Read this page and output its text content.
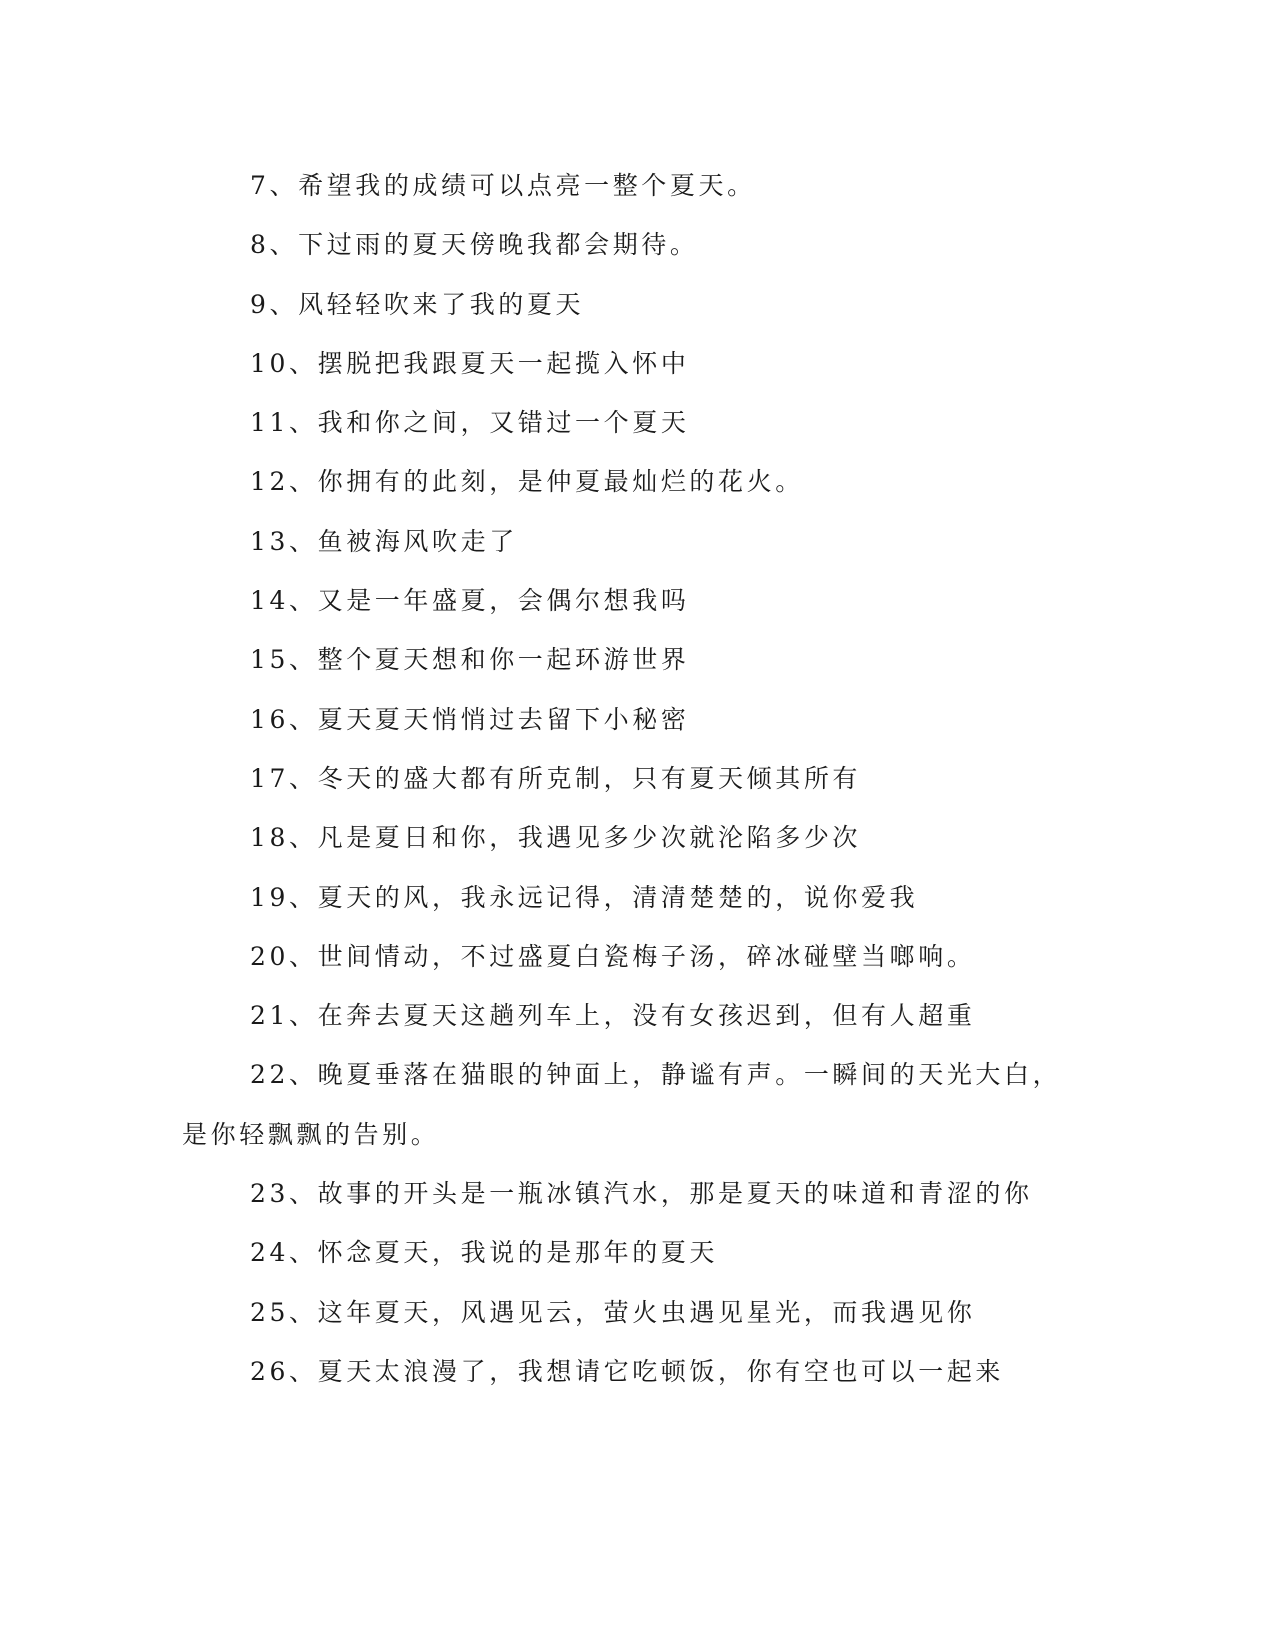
7、希望我的成绩可以点亮一整个夏天。
8、下过雨的夏天傍晚我都会期待。
9、风轻轻吹来了我的夏天
10、摆脱把我跟夏天一起揽入怀中
11、我和你之间，又错过一个夏天
12、你拥有的此刻，是仲夏最灿烂的花火。
13、鱼被海风吹走了
14、又是一年盛夏，会偶尔想我吗
15、整个夏天想和你一起环游世界
16、夏天夏天悄悄过去留下小秘密
17、冬天的盛大都有所克制，只有夏天倾其所有
18、凡是夏日和你，我遇见多少次就沦陷多少次
19、夏天的风，我永远记得，清清楚楚的，说你爱我
20、世间情动，不过盛夏白瓷梅子汤，碎冰碰壁当啷响。
21、在奔去夏天这趟列车上，没有女孩迟到，但有人超重
22、晚夏垂落在猫眼的钟面上，静谧有声。一瞬间的天光大白，
是你轻飘飘的告别。
23、故事的开头是一瓶冰镇汽水，那是夏天的味道和青涩的你
24、怀念夏天，我说的是那年的夏天
25、这年夏天，风遇见云，萤火虫遇见星光，而我遇见你
26、夏天太浪漫了，我想请它吃顿饭，你有空也可以一起来
